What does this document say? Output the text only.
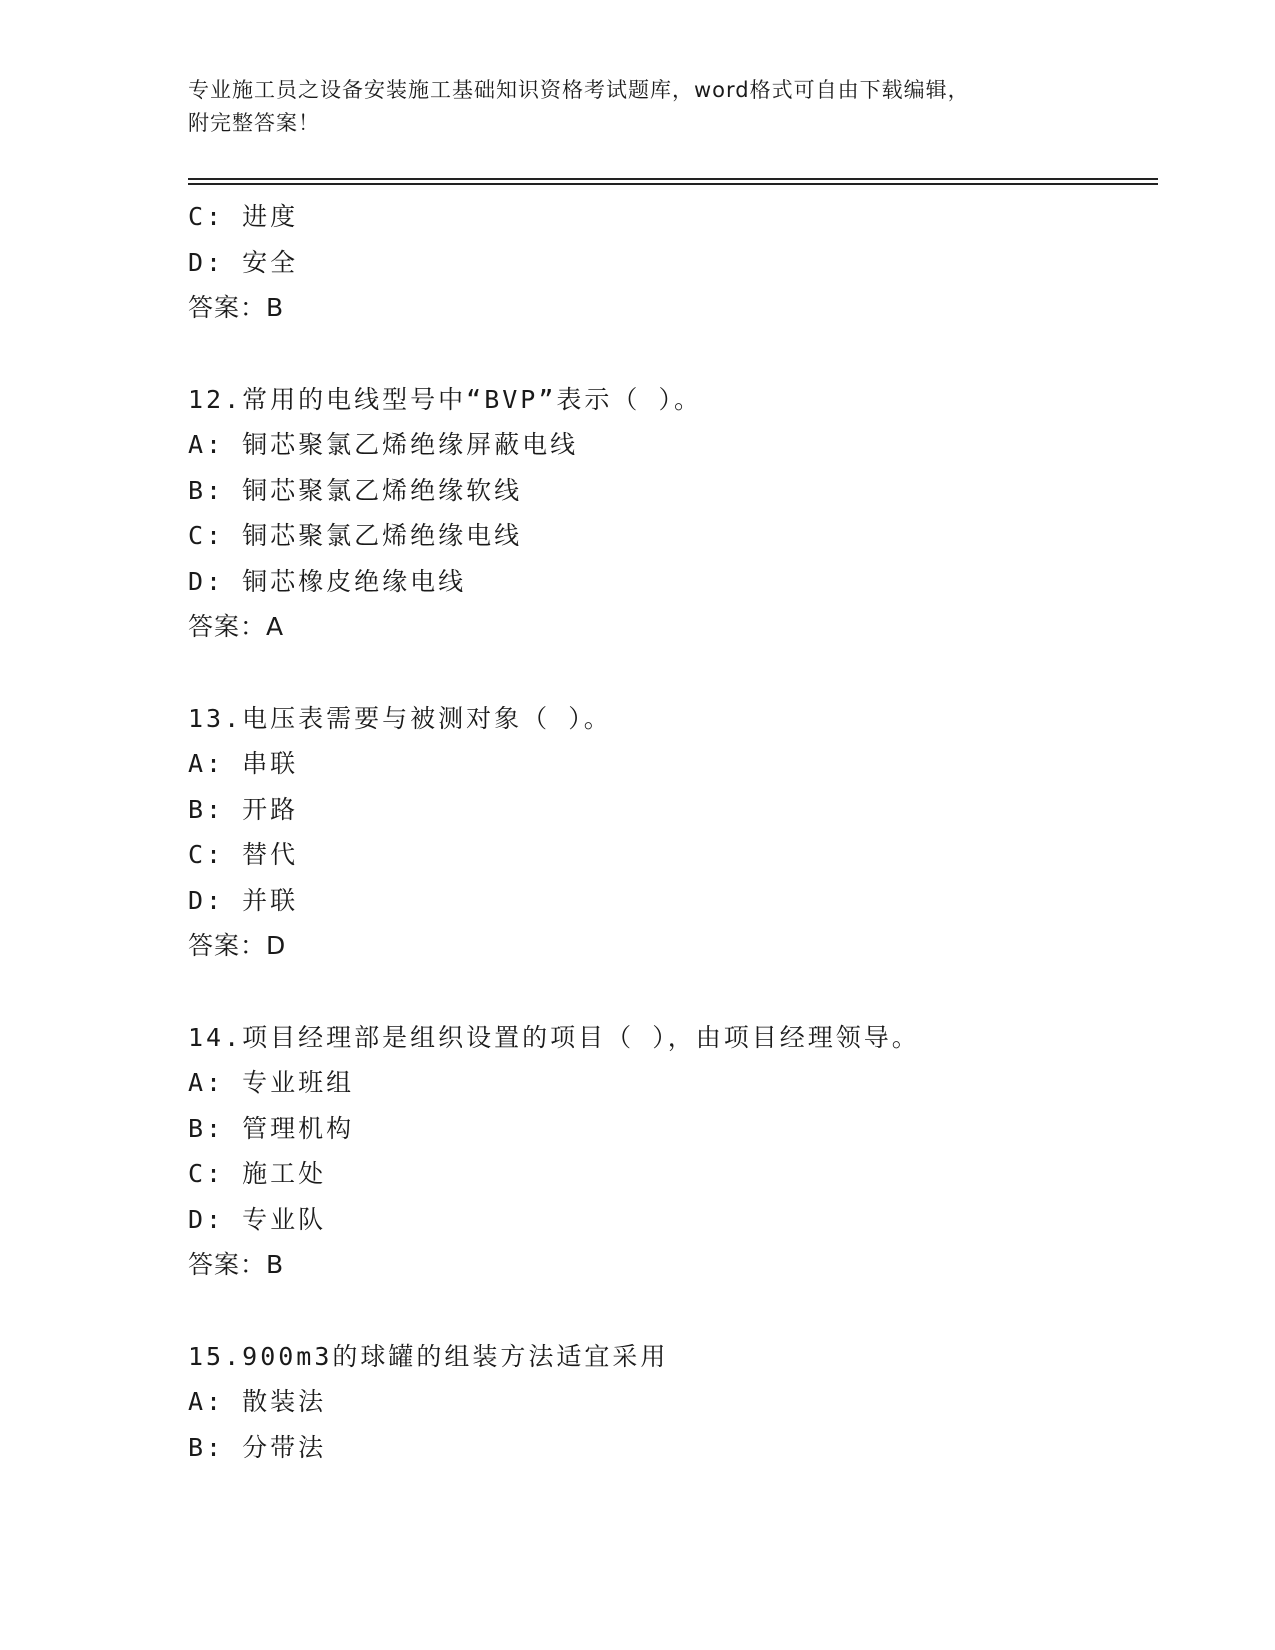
专业施工员之设备安装施工基础知识资格考试题库，word格式可自由下载编辑，
附完整答案！
C: 进度
D: 安全
答案：B
12.常用的电线型号中“BVP”表示（ ）。
A: 铜芯聚氯乙烯绝缘屏蔽电线
B: 铜芯聚氯乙烯绝缘软线
C: 铜芯聚氯乙烯绝缘电线
D: 铜芯橡皮绝缘电线
答案：A
13.电压表需要与被测对象（ ）。
A: 串联
B: 开路
C: 替代
D: 并联
答案：D
14.项目经理部是组织设置的项目（ ），由项目经理领导。
A: 专业班组
B: 管理机构
C: 施工处
D: 专业队
答案：B
15.900m3的球罐的组装方法适宜采用
A: 散装法
B: 分带法
